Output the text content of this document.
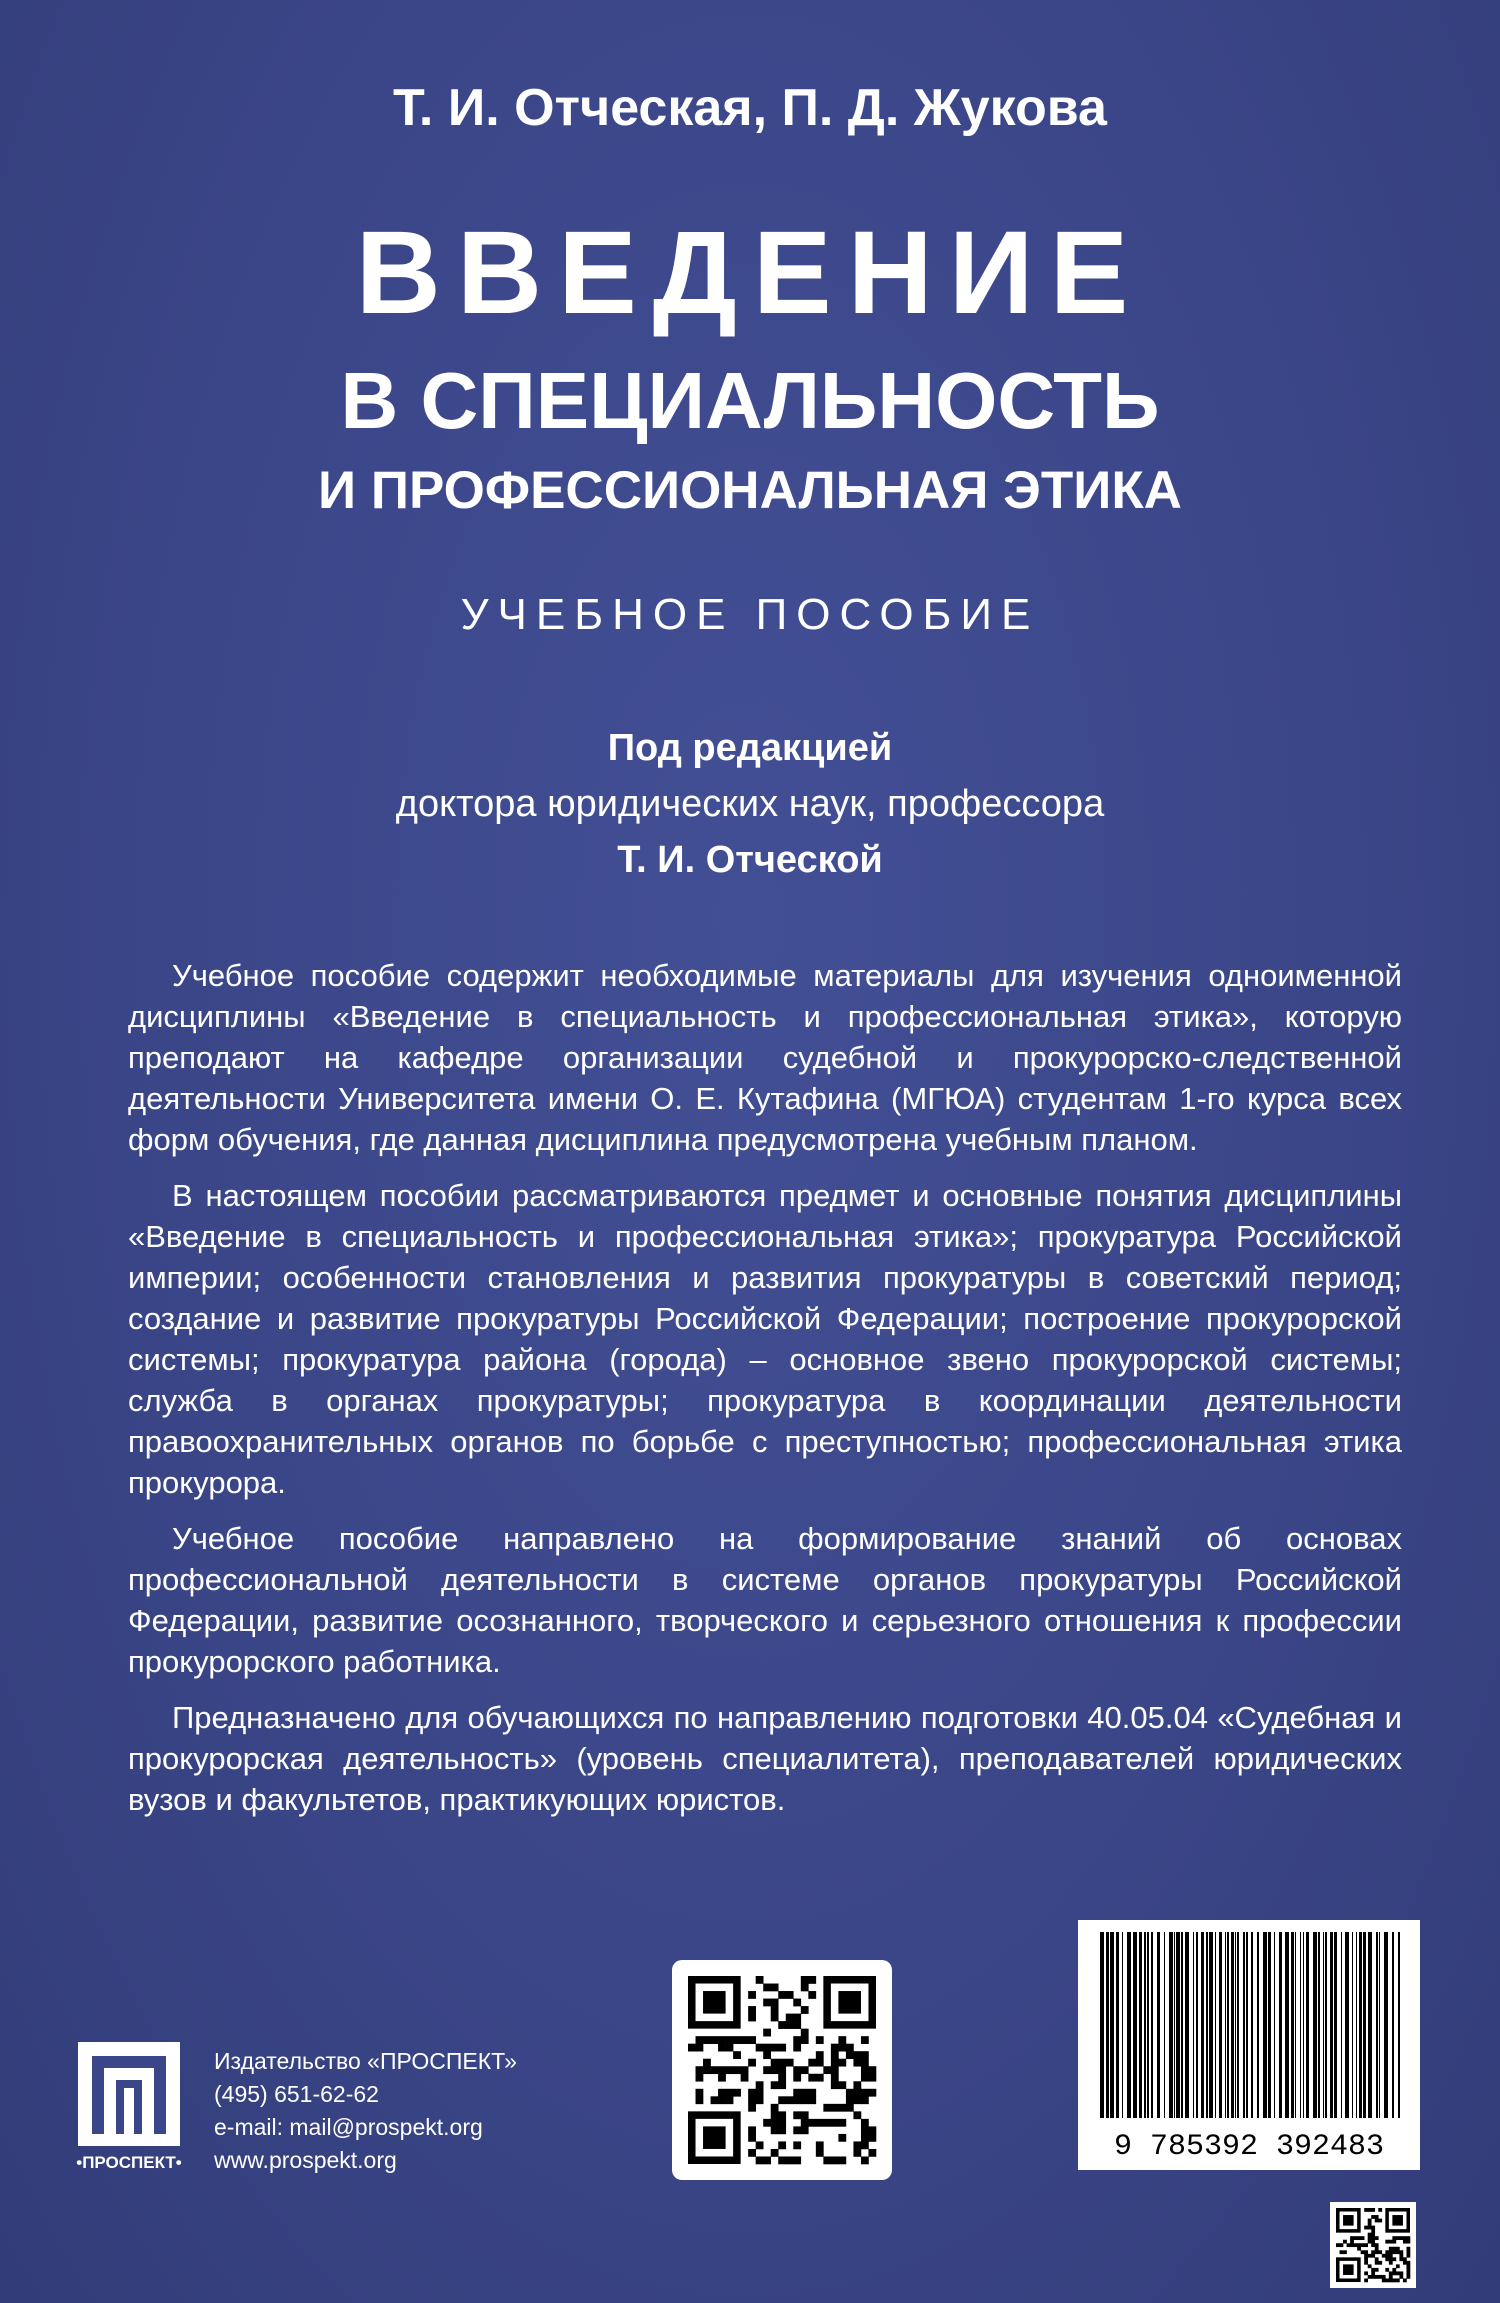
Т. И. Отческая, П. Д. Жукова
ВВЕДЕНИЕ
В СПЕЦИАЛЬНОСТЬ
И ПРОФЕССИОНАЛЬНАЯ ЭТИКА
УЧЕБНОЕ ПОСОБИЕ
Под редакцией
доктора юридических наук, профессора
Т. И. Отческой

Учебное пособие содержит необходимые материалы для изучения одноименной дисциплины «Введение в специальность и профессиональная этика», которую преподают на кафедре организации судебной и прокурорско-следственной деятельности Университета имени О. Е. Кутафина (МГЮА) студентам 1-го курса всех форм обучения, где данная дисциплина предусмотрена учебным планом.

В настоящем пособии рассматриваются предмет и основные понятия дисциплины «Введение в специальность и профессиональная этика»; прокуратура Российской империи; особенности становления и развития прокуратуры в советский период; создание и развитие прокуратуры Российской Федерации; построение прокурорской системы; прокуратура района (города) – основное звено прокурорской системы; служба в органах прокуратуры; прокуратура в координации деятельности правоохранительных органов по борьбе с преступностью; профессиональная этика прокурора.

Учебное пособие направлено на формирование знаний об основах профессиональной деятельности в системе органов прокуратуры Российской Федерации, развитие осознанного, творческого и серьезного отношения к профессии прокурорского работника.

Предназначено для обучающихся по направлению подготовки 40.05.04 «Судебная и прокурорская деятельность» (уровень специалитета), преподавателей юридических вузов и факультетов, практикующих юристов.

•ПРОСПЕКТ•
Издательство «ПРОСПЕКТ»
(495) 651-62-62
e-mail: mail@prospekt.org
www.prospekt.org	9 785392 392483
